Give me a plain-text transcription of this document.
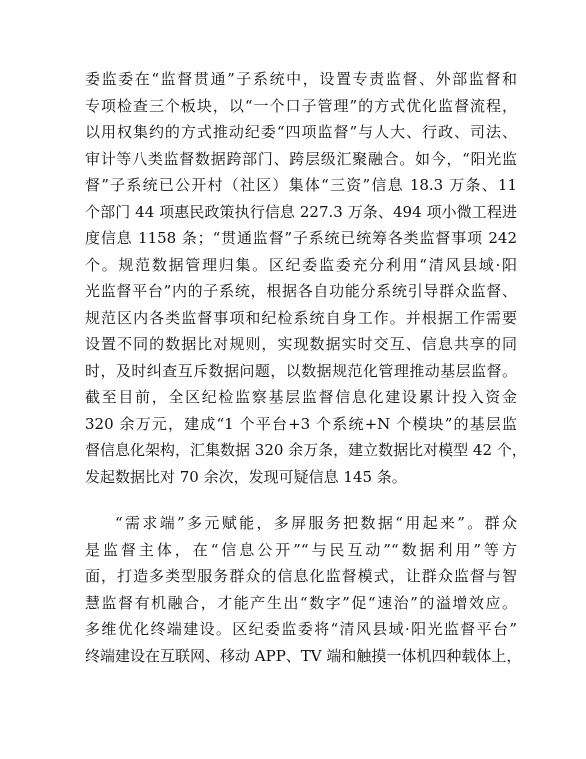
委监委在“监督贯通”子系统中，设置专责监督、外部监督和
专项检查三个板块，以“一个口子管理”的方式优化监督流程，
以用权集约的方式推动纪委“四项监督”与人大、行政、司法、
审计等八类监督数据跨部门、跨层级汇聚融合。如今，“阳光监
督”子系统已公开村（社区）集体“三资”信息 18.3 万条、11
个部门 44 项惠民政策执行信息 227.3 万条、494 项小微工程进
度信息 1158 条；“贯通监督”子系统已统筹各类监督事项 242
个。规范数据管理归集。区纪委监委充分利用“清风县域·阳
光监督平台”内的子系统，根据各自功能分系统引导群众监督、
规范区内各类监督事项和纪检系统自身工作。并根据工作需要
设置不同的数据比对规则，实现数据实时交互、信息共享的同
时，及时纠查互斥数据问题，以数据规范化管理推动基层监督。
截至目前，全区纪检监察基层监督信息化建设累计投入资金
320 余万元，建成“1 个平台+3 个系统+N 个模块”的基层监
督信息化架构，汇集数据 320 余万条，建立数据比对模型 42 个，
发起数据比对 70 余次，发现可疑信息 145 条。
“需求端”多元赋能，多屏服务把数据“用起来”。群众
是监督主体，在“信息公开”“与民互动”“数据利用”等方
面，打造多类型服务群众的信息化监督模式，让群众监督与智
慧监督有机融合，才能产生出“数字”促“速治”的溢增效应。
多维优化终端建设。区纪委监委将“清风县域·阳光监督平台”
终端建设在互联网、移动 APP、TV 端和触摸一体机四种载体上，
